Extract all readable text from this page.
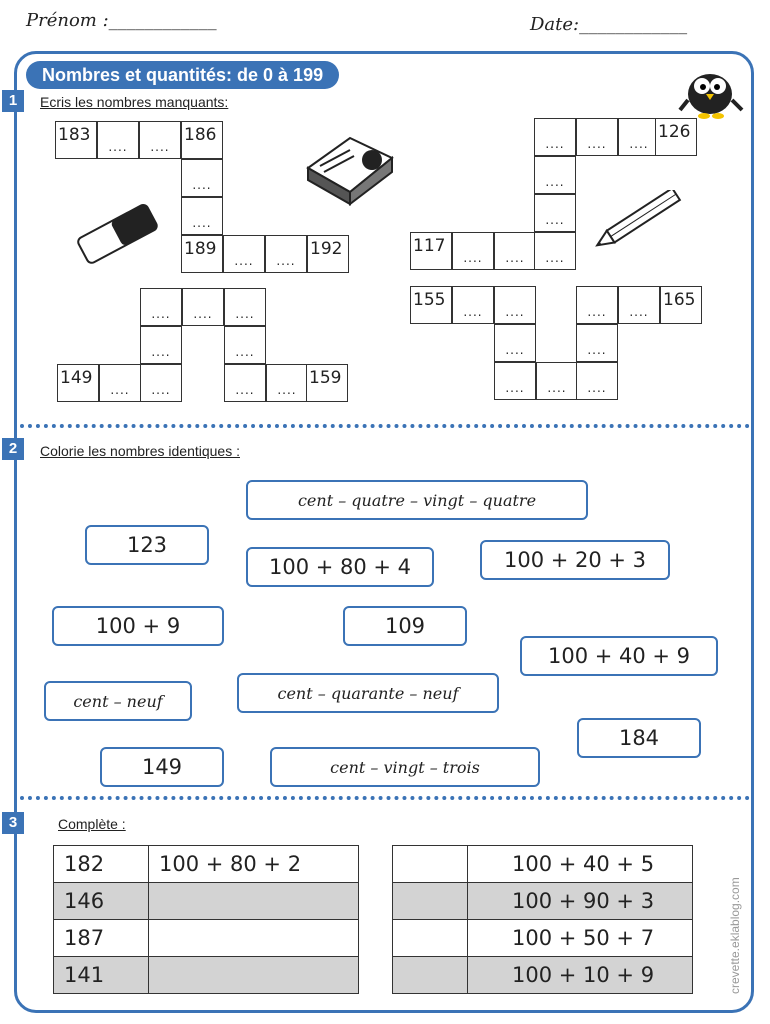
Prénom :____________	Date:____________
Nombres et quantités: de 0 à 199
1	Ecris les nombres manquants:
183
....	....
186
....
....
189
....	....
192
....	....	....
126
....
....
117
....	....	....
....	....	....
....	....
149
....	....	....	....
159
155
....	....	....	....
165
....	....
....	....	....
2	Colorie les nombres identiques :
cent – quatre – vingt – quatre
123
100 + 80 + 4	100 + 20 + 3
100 + 9	109
100 + 40 + 9
cent – neuf	cent – quarante – neuf
184
149	cent – vingt – trois
3	Complète :
182	100 + 80 + 2
146	
187	
141	
	100 + 40 + 5
	100 + 90 + 3
	100 + 50 + 7
	100 + 10 + 9	crevette.eklablog.com
